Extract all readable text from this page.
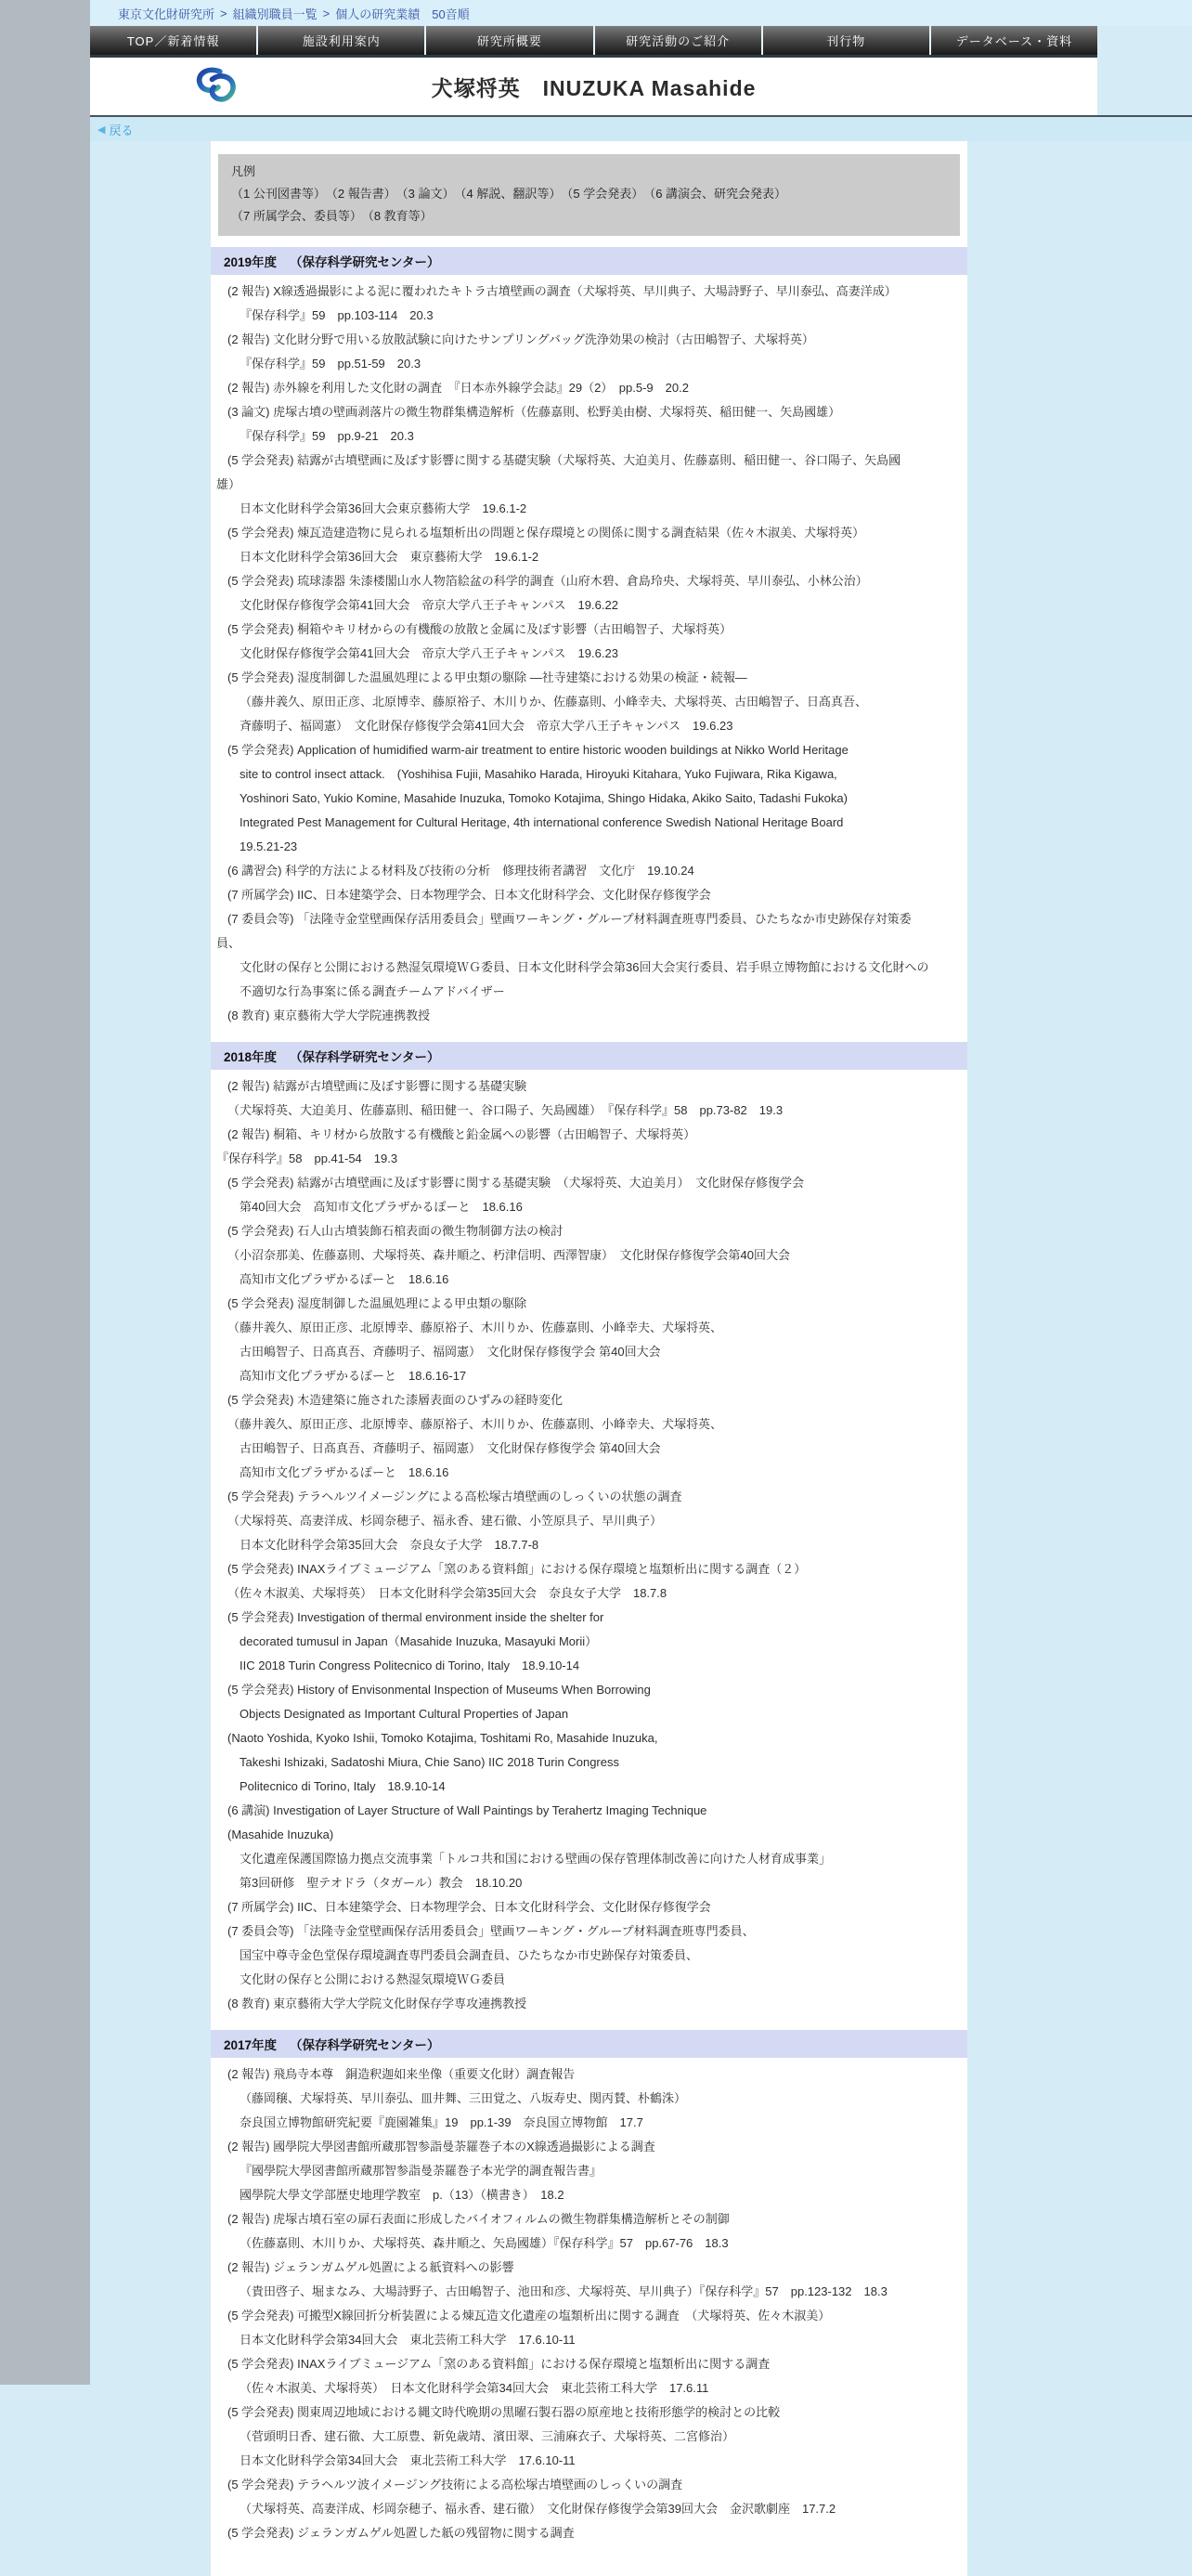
東京文化財研究所 > 組織別職員一覧 > 個人の研究業績　50音順
TOP／新着情報	施設利用案内	研究所概要	研究活動のご紹介	刊行物	データベース・資料
犬塚将英　INUZUKA Masahide
◀ 戻る
凡例
（1 公刊図書等）　（2 報告書）　（3 論文）　（4 解説、翻訳等）　（5 学会発表）　（6 講演会、研究会発表）
（7 所属学会、委員等）　（8 教育等）
2019年度 （保存科学研究センター）
(2 報告) X線透過撮影による泥に覆われたキトラ古墳壁画の調査（犬塚将英、早川典子、大場詩野子、早川泰弘、高妻洋成）
『保存科学』59　pp.103-114　20.3
(2 報告) 文化財分野で用いる放散試験に向けたサンプリングバッグ洗浄効果の検討（古田嶋智子、犬塚将英）
『保存科学』59　pp.51-59　20.3
(2 報告) 赤外線を利用した文化財の調査　『日本赤外線学会誌』29（2）　pp.5-9　20.2
(3 論文) 虎塚古墳の壁画剥落片の微生物群集構造解析（佐藤嘉則、松野美由樹、犬塚将英、稲田健一、矢島國雄）
『保存科学』59　pp.9-21　20.3
(5 学会発表) 結露が古墳壁画に及ぼす影響に関する基礎実験（犬塚将英、大迫美月、佐藤嘉則、稲田健一、谷口陽子、矢島國
雄）
日本文化財科学会第36回大会東京藝術大学　19.6.1-2
(5 学会発表) 煉瓦造建造物に見られる塩類析出の問題と保存環境との関係に関する調査結果（佐々木淑美、犬塚将英）
日本文化財科学会第36回大会　東京藝術大学　19.6.1-2
(5 学会発表) 琉球漆器 朱漆楼閣山水人物箔絵盆の科学的調査（山府木碧、倉島玲央、犬塚将英、早川泰弘、小林公治）
文化財保存修復学会第41回大会　帝京大学八王子キャンパス　19.6.22
(5 学会発表) 桐箱やキリ材からの有機酸の放散と金属に及ぼす影響（古田嶋智子、犬塚将英）
文化財保存修復学会第41回大会　帝京大学八王子キャンパス　19.6.23
(5 学会発表) 湿度制御した温風処理による甲虫類の駆除 ―社寺建築における効果の検証・続報―
（藤井義久、原田正彦、北原博幸、藤原裕子、木川りか、佐藤嘉則、小峰幸夫、犬塚将英、古田嶋智子、日髙真吾、
斉藤明子、福岡憲）　文化財保存修復学会第41回大会　帝京大学八王子キャンパス　19.6.23
(5 学会発表) Application of humidified warm-air treatment to entire historic wooden buildings at Nikko World Heritage
site to control insect attack.　(Yoshihisa Fujii, Masahiko Harada, Hiroyuki Kitahara, Yuko Fujiwara, Rika Kigawa,
Yoshinori Sato, Yukio Komine, Masahide Inuzuka, Tomoko Kotajima, Shingo Hidaka, Akiko Saito, Tadashi Fukoka)
Integrated Pest Management for Cultural Heritage, 4th international conference Swedish National Heritage Board
19.5.21-23
(6 講習会) 科学的方法による材料及び技術の分析　修理技術者講習　文化庁　19.10.24
(7 所属学会) IIC、日本建築学会、日本物理学会、日本文化財科学会、文化財保存修復学会
(7 委員会等) 「法隆寺金堂壁画保存活用委員会」壁画ワーキング・グループ材料調査班専門委員、ひたちなか市史跡保存対策委
員、
文化財の保存と公開における熱湿気環境ＷＧ委員、日本文化財科学会第36回大会実行委員、岩手県立博物館における文化財への
不適切な行為事案に係る調査チームアドバイザー
(8 教育) 東京藝術大学大学院連携教授
2018年度 （保存科学研究センター）
(2 報告) 結露が古墳壁画に及ぼす影響に関する基礎実験
（犬塚将英、大迫美月、佐藤嘉則、稲田健一、谷口陽子、矢島國雄）　『保存科学』58　pp.73-82　19.3
(2 報告) 桐箱、キリ材から放散する有機酸と鉛金属への影響（古田嶋智子、犬塚将英）
『保存科学』58　pp.41-54　19.3
(5 学会発表) 結露が古墳壁画に及ぼす影響に関する基礎実験　（犬塚将英、大迫美月）　文化財保存修復学会
第40回大会　高知市文化プラザかるぽーと　18.6.16
(5 学会発表) 石人山古墳装飾石棺表面の微生物制御方法の検討
（小沼奈那美、佐藤嘉則、犬塚将英、森井順之、朽津信明、西澤智康）　文化財保存修復学会第40回大会
高知市文化プラザかるぽーと　18.6.16
(5 学会発表) 湿度制御した温風処理による甲虫類の駆除
（藤井義久、原田正彦、北原博幸、藤原裕子、木川りか、佐藤嘉則、小峰幸夫、犬塚将英、
古田嶋智子、日髙真吾、斉藤明子、福岡憲）　文化財保存修復学会 第40回大会
高知市文化プラザかるぽーと　18.6.16-17
(5 学会発表) 木造建築に施された漆層表面のひずみの経時変化
（藤井義久、原田正彦、北原博幸、藤原裕子、木川りか、佐藤嘉則、小峰幸夫、犬塚将英、
古田嶋智子、日髙真吾、斉藤明子、福岡憲）　文化財保存修復学会 第40回大会
高知市文化プラザかるぽーと　18.6.16
(5 学会発表) テラヘルツイメージングによる高松塚古墳壁画のしっくいの状態の調査
（犬塚将英、高妻洋成、杉岡奈穂子、福永香、建石徹、小笠原具子、早川典子）
日本文化財科学会第35回大会　奈良女子大学　18.7.7-8
(5 学会発表) INAXライブミュージアム「窯のある資料館」における保存環境と塩類析出に関する調査（２）
（佐々木淑美、犬塚将英）　日本文化財科学会第35回大会　奈良女子大学　18.7.8
(5 学会発表) Investigation of thermal environment inside the shelter for
decorated tumusul in Japan（Masahide Inuzuka, Masayuki Morii）
IIC 2018 Turin Congress Politecnico di Torino, Italy　18.9.10-14
(5 学会発表) History of Envisonmental Inspection of Museums When Borrowing
Objects Designated as Important Cultural Properties of Japan
(Naoto Yoshida, Kyoko Ishii, Tomoko Kotajima, Toshitami Ro, Masahide Inuzuka,
Takeshi Ishizaki, Sadatoshi Miura, Chie Sano) IIC 2018 Turin Congress
Politecnico di Torino, Italy　18.9.10-14
(6 講演) Investigation of Layer Structure of Wall Paintings by Terahertz Imaging Technique
(Masahide Inuzuka)
文化遺産保護国際協力拠点交流事業「トルコ共和国における壁画の保存管理体制改善に向けた人材育成事業」
第3回研修　聖テオドラ（タガール）教会　18.10.20
(7 所属学会) IIC、日本建築学会、日本物理学会、日本文化財科学会、文化財保存修復学会
(7 委員会等) 「法隆寺金堂壁画保存活用委員会」壁画ワーキング・グループ材料調査班専門委員、
国宝中尊寺金色堂保存環境調査専門委員会調査員、ひたちなか市史跡保存対策委員、
文化財の保存と公開における熱湿気環境ＷＧ委員
(8 教育) 東京藝術大学大学院文化財保存学専攻連携教授
2017年度 （保存科学研究センター）
(2 報告) 飛鳥寺本尊　銅造釈迦如来坐像（重要文化財）調査報告
（藤岡穣、犬塚将英、早川泰弘、皿井舞、三田覚之、八坂寿史、関丙賛、朴鶴洙）
奈良国立博物館研究紀要『鹿園雑集』19　pp.1-39　奈良国立博物館　17.7
(2 報告) 國學院大學図書館所蔵那智参詣曼荼羅巻子本のX線透過撮影による調査
『國學院大學図書館所蔵那智参詣曼荼羅巻子本光学的調査報告書』
國學院大學文学部歴史地理学教室　p.（13）（横書き）　18.2
(2 報告) 虎塚古墳石室の扉石表面に形成したバイオフィルムの微生物群集構造解析とその制御
（佐藤嘉則、木川りか、犬塚将英、森井順之、矢島國雄）『保存科学』57　pp.67-76　18.3
(2 報告) ジェランガムゲル処置による紙資料への影響
（貴田啓子、堀まなみ、大場詩野子、古田嶋智子、池田和彦、犬塚将英、早川典子）『保存科学』57　pp.123-132　18.3
(5 学会発表) 可搬型X線回折分析装置による煉瓦造文化遺産の塩類析出に関する調査　（犬塚将英、佐々木淑美）
日本文化財科学会第34回大会　東北芸術工科大学　17.6.10-11
(5 学会発表) INAXライブミュージアム「窯のある資料館」における保存環境と塩類析出に関する調査
（佐々木淑美、犬塚将英）　日本文化財科学会第34回大会　東北芸術工科大学　17.6.11
(5 学会発表) 関東周辺地域における縄文時代晩期の黒曜石製石器の原産地と技術形態学的検討との比較
（菅頭明日香、建石徹、大工原豊、新免歳靖、濱田翠、三浦麻衣子、犬塚将英、二宮修治）
日本文化財科学会第34回大会　東北芸術工科大学　17.6.10-11
(5 学会発表) テラヘルツ波イメージング技術による高松塚古墳壁画のしっくいの調査
（犬塚将英、高妻洋成、杉岡奈穂子、福永香、建石徹）　文化財保存修復学会第39回大会　金沢歌劇座　17.7.2
(5 学会発表) ジェランガムゲル処置した紙の残留物に関する調査
